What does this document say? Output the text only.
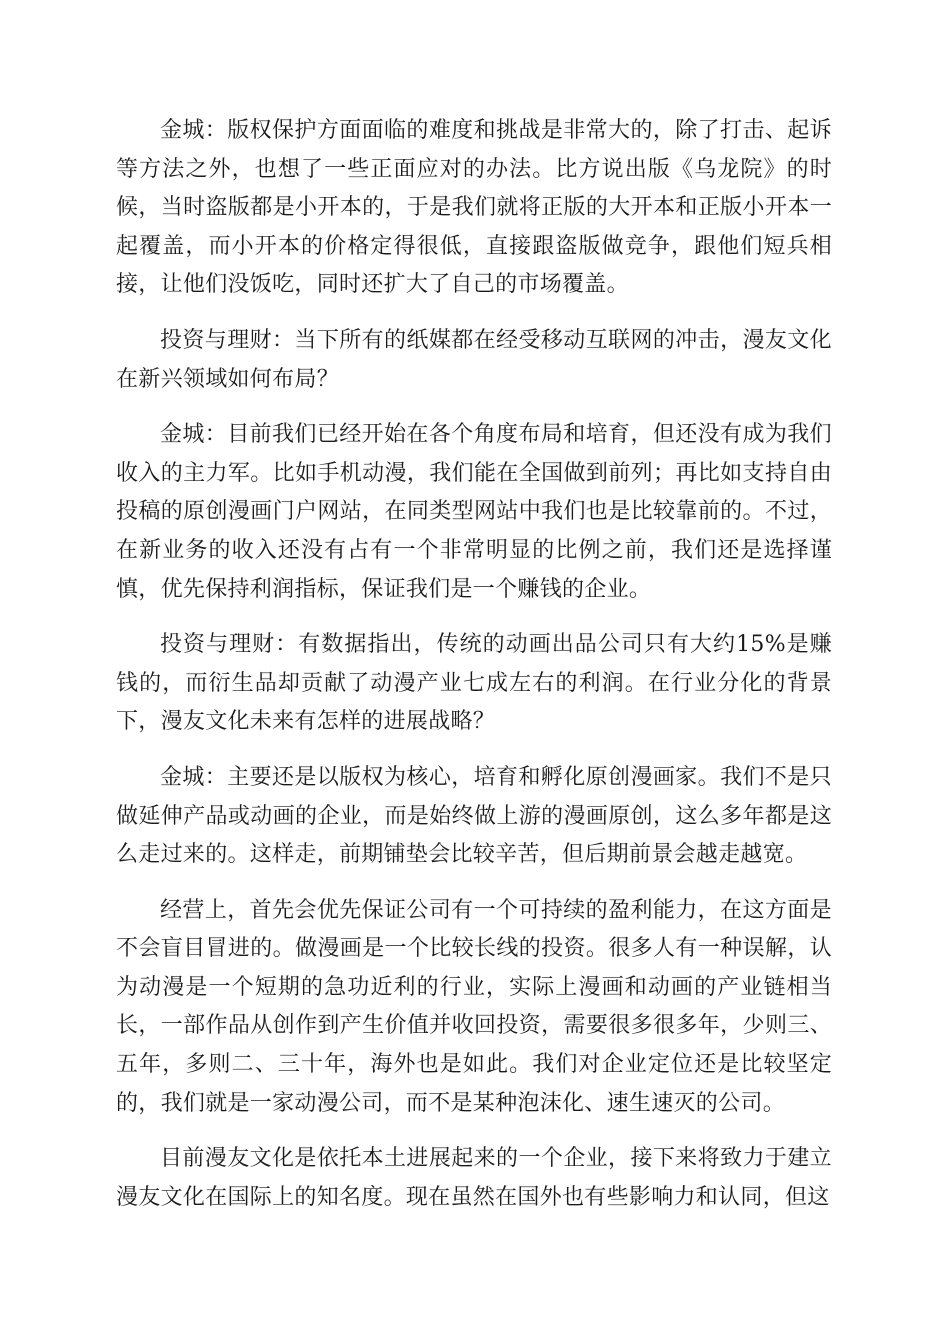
金城：版权保护方面面临的难度和挑战是非常大的，除了打击、起诉等方法之外，也想了一些正面应对的办法。比方说出版《乌龙院》的时候，当时盗版都是小开本的，于是我们就将正版的大开本和正版小开本一起覆盖，而小开本的价格定得很低，直接跟盗版做竞争，跟他们短兵相接，让他们没饭吃，同时还扩大了自己的市场覆盖。

投资与理财：当下所有的纸媒都在经受移动互联网的冲击，漫友文化在新兴领域如何布局？

金城：目前我们已经开始在各个角度布局和培育，但还没有成为我们收入的主力军。比如手机动漫，我们能在全国做到前列；再比如支持自由投稿的原创漫画门户网站，在同类型网站中我们也是比较靠前的。不过，在新业务的收入还没有占有一个非常明显的比例之前，我们还是选择谨慎，优先保持利润指标，保证我们是一个赚钱的企业。

投资与理财：有数据指出，传统的动画出品公司只有大约15%是赚钱的，而衍生品却贡献了动漫产业七成左右的利润。在行业分化的背景下，漫友文化未来有怎样的进展战略？

金城：主要还是以版权为核心，培育和孵化原创漫画家。我们不是只做延伸产品或动画的企业，而是始终做上游的漫画原创，这么多年都是这么走过来的。这样走，前期铺垫会比较辛苦，但后期前景会越走越宽。

经营上，首先会优先保证公司有一个可持续的盈利能力，在这方面是不会盲目冒进的。做漫画是一个比较长线的投资。很多人有一种误解，认为动漫是一个短期的急功近利的行业，实际上漫画和动画的产业链相当长，一部作品从创作到产生价值并收回投资，需要很多很多年，少则三、五年，多则二、三十年，海外也是如此。我们对企业定位还是比较坚定的，我们就是一家动漫公司，而不是某种泡沫化、速生速灭的公司。

目前漫友文化是依托本土进展起来的一个企业，接下来将致力于建立漫友文化在国际上的知名度。现在虽然在国外也有些影响力和认同，但这
